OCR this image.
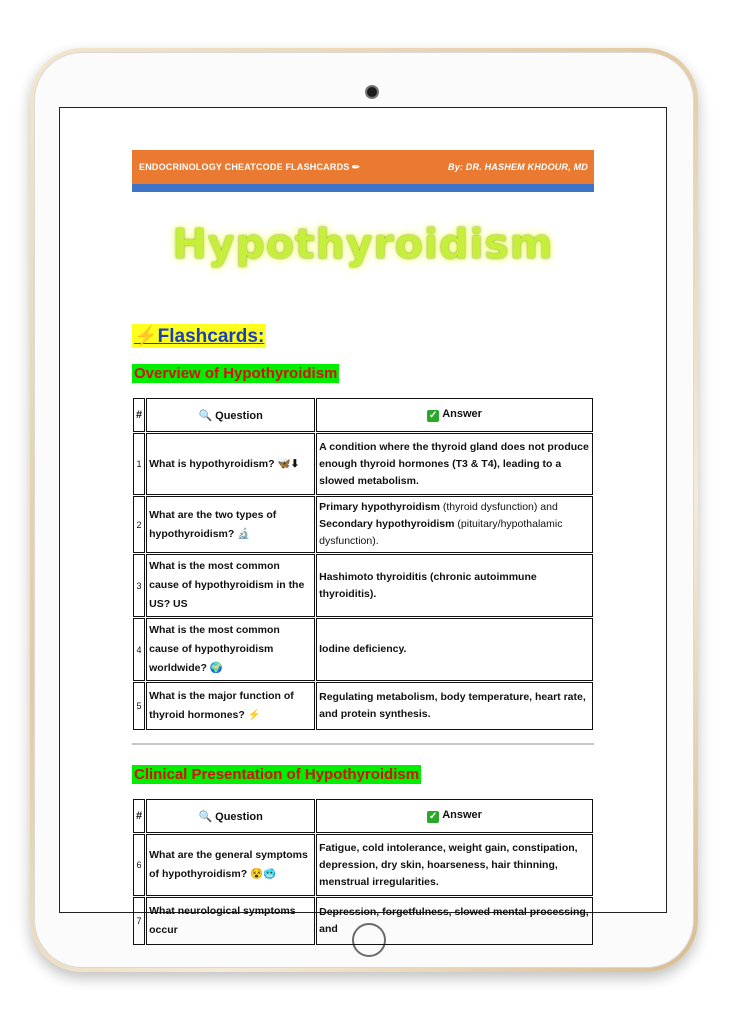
ENDOCRINOLOGY CHEATCODE FLASHCARDS ✏	By: DR. HASHEM KHDOUR, MD
Hypothyroidism
⚡Flashcards:
Overview of Hypothyroidism
#	🔍 Question	✓ Answer
1	What is hypothyroidism? 🦋⬇	A condition where the thyroid gland does not produce enough thyroid hormones (T3 & T4), leading to a slowed metabolism.
2	What are the two types of hypothyroidism? 🔬	Primary hypothyroidism (thyroid dysfunction) and Secondary hypothyroidism (pituitary/hypothalamic dysfunction).
3	What is the most common cause of hypothyroidism in the US? US	Hashimoto thyroiditis (chronic autoimmune thyroiditis).
4	What is the most common cause of hypothyroidism worldwide? 🌍	Iodine deficiency.
5	What is the major function of thyroid hormones? ⚡	Regulating metabolism, body temperature, heart rate, and protein synthesis.
Clinical Presentation of Hypothyroidism
#	🔍 Question	✓ Answer
6	What are the general symptoms of hypothyroidism? 😵🥶	Fatigue, cold intolerance, weight gain, constipation, depression, dry skin, hoarseness, hair thinning, menstrual irregularities.
7	What neurological symptoms occur	Depression, forgetfulness, slowed mental processing, and
